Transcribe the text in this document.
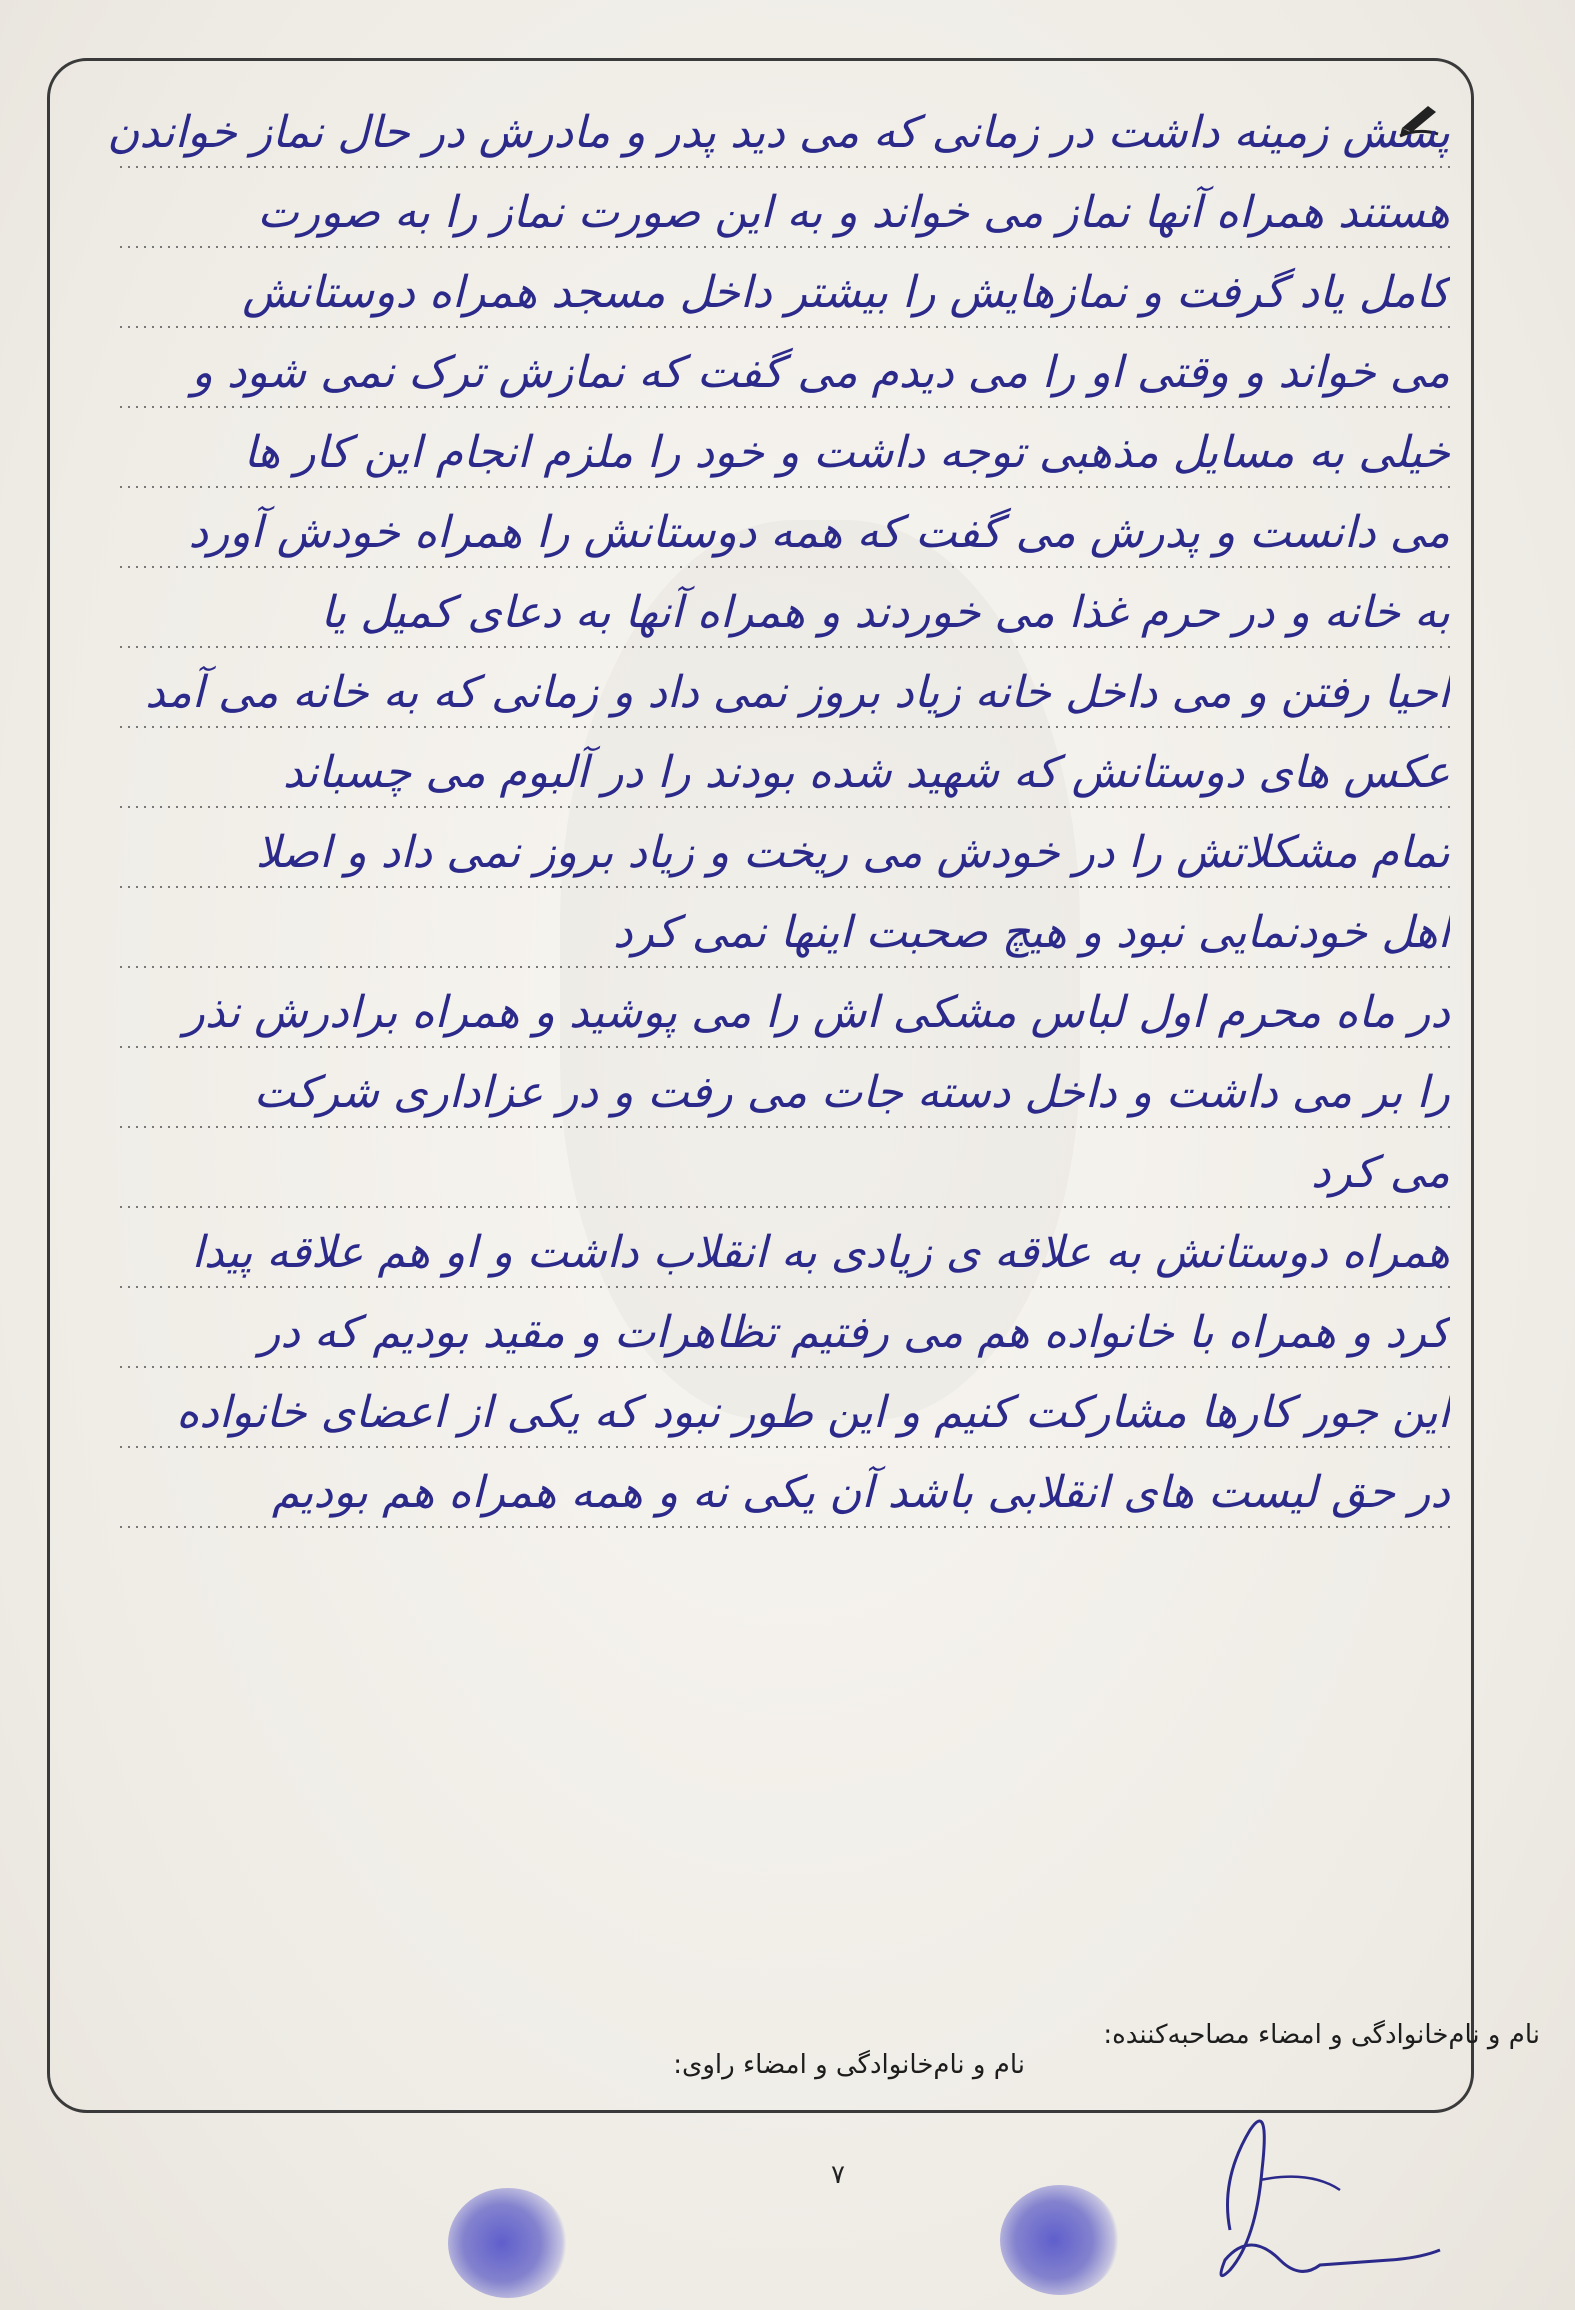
پسش زمینه داشت در زمانی که می دید پدر و مادرش در حال نماز خواندن
هستند همراه آنها نماز می خواند و به این صورت نماز را به صورت
کامل یاد گرفت و نمازهایش را بیشتر داخل مسجد همراه دوستانش
می خواند و وقتی او را می دیدم می گفت که نمازش ترک نمی شود و
خیلی به مسایل مذهبی توجه داشت و خود را ملزم انجام این کار ها
می دانست و پدرش می گفت که همه دوستانش را همراه خودش آورد
به خانه و در حرم غذا می خوردند و همراه آنها به دعای کمیل یا
احیا رفتن و می داخل خانه زیاد بروز نمی داد و زمانی که به خانه می آمد
عکس های دوستانش که شهید شده بودند را در آلبوم می چسباند
تمام مشکلاتش را در خودش می ریخت و زیاد بروز نمی داد و اصلا
اهل خودنمایی نبود و هیچ صحبت اینها نمی کرد
در ماه محرم اول لباس مشکی اش را می پوشید و همراه برادرش نذر
را بر می داشت و داخل دسته جات می رفت و در عزاداری شرکت
می کرد
همراه دوستانش به علاقه ی زیادی به انقلاب داشت و او هم علاقه پیدا
کرد و همراه با خانواده هم می رفتیم تظاهرات و مقید بودیم که در
این جور کارها مشارکت کنیم و این طور نبود که یکی از اعضای خانواده
در حق لیست های انقلابی باشد آن یکی نه و همه همراه هم بودیم
نام و نام‌خانوادگی و امضاء مصاحبه‌کننده:
نام و نام‌خانوادگی و امضاء راوی:
۷
